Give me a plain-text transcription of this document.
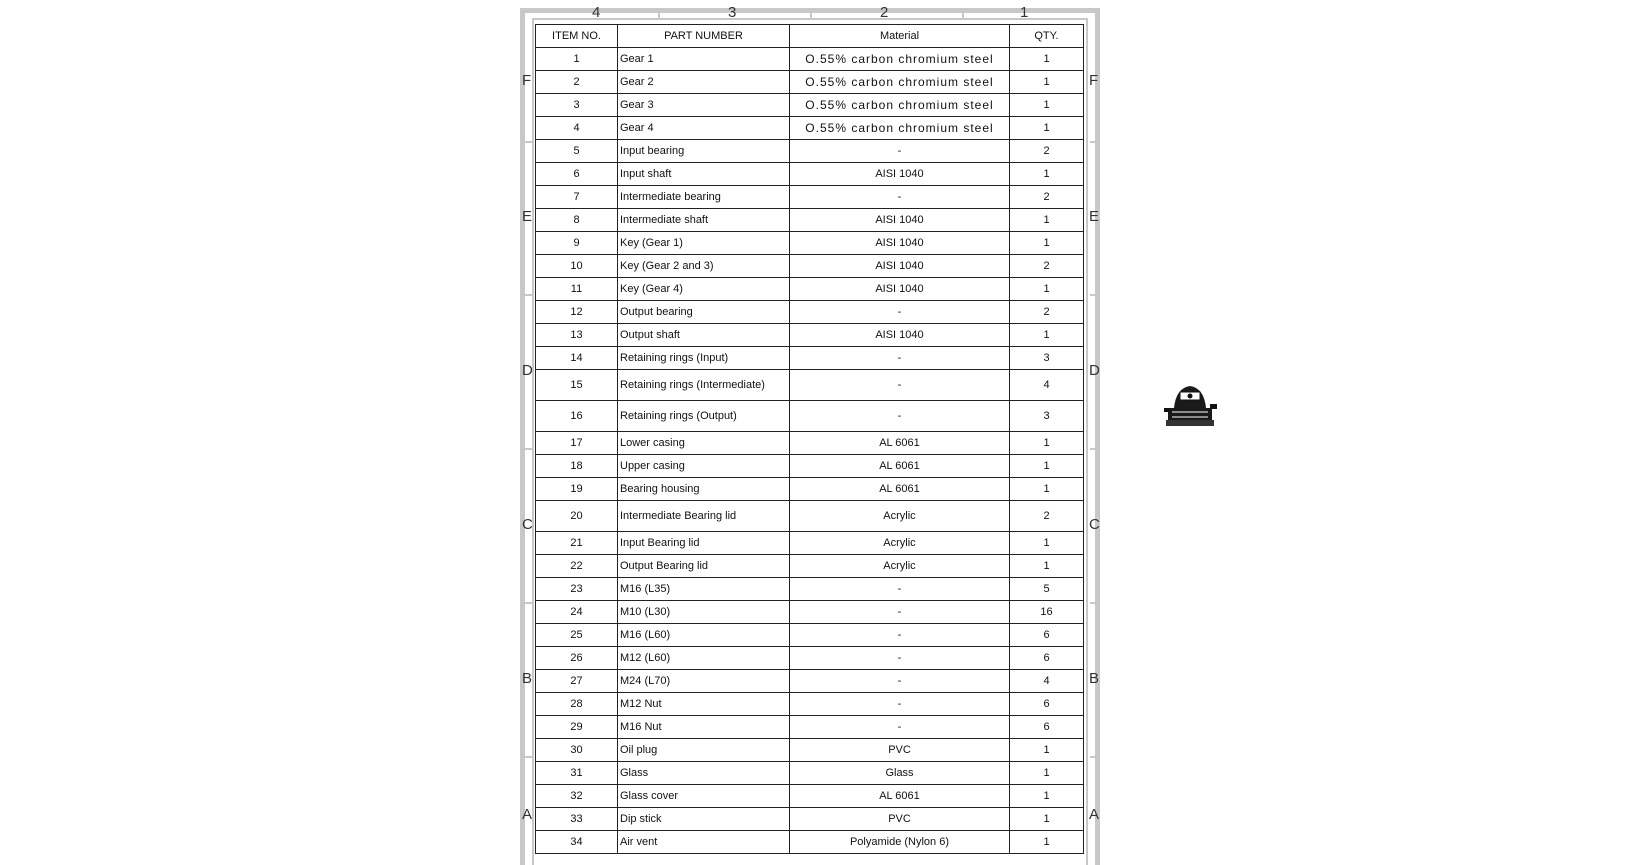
4	3	2	1
F
E
D
C
B
A
F
E
D
C
B
A
ITEM NO.	PART NUMBER	Material	QTY.
1	Gear 1	O.55% carbon chromium steel	1
2	Gear 2	O.55% carbon chromium steel	1
3	Gear 3	O.55% carbon chromium steel	1
4	Gear 4	O.55% carbon chromium steel	1
5	Input bearing	-	2
6	Input shaft	AISI 1040	1
7	Intermediate bearing	-	2
8	Intermediate shaft	AISI 1040	1
9	Key (Gear 1)	AISI 1040	1
10	Key (Gear 2 and 3)	AISI 1040	2
11	Key (Gear 4)	AISI 1040	1
12	Output bearing	-	2
13	Output shaft	AISI 1040	1
14	Retaining rings (Input)	-	3
15	Retaining rings (Intermediate)	-	4
16	Retaining rings (Output)	-	3
17	Lower casing	AL 6061	1
18	Upper casing	AL 6061	1
19	Bearing housing	AL 6061	1
20	Intermediate Bearing lid	Acrylic	2
21	Input Bearing lid	Acrylic	1
22	Output Bearing lid	Acrylic	1
23	M16 (L35)	-	5
24	M10 (L30)	-	16
25	M16 (L60)	-	6
26	M12 (L60)	-	6
27	M24 (L70)	-	4
28	M12 Nut	-	6
29	M16 Nut	-	6
30	Oil plug	PVC	1
31	Glass	Glass	1
32	Glass cover	AL 6061	1
33	Dip stick	PVC	1
34	Air vent	Polyamide (Nylon 6)	1
